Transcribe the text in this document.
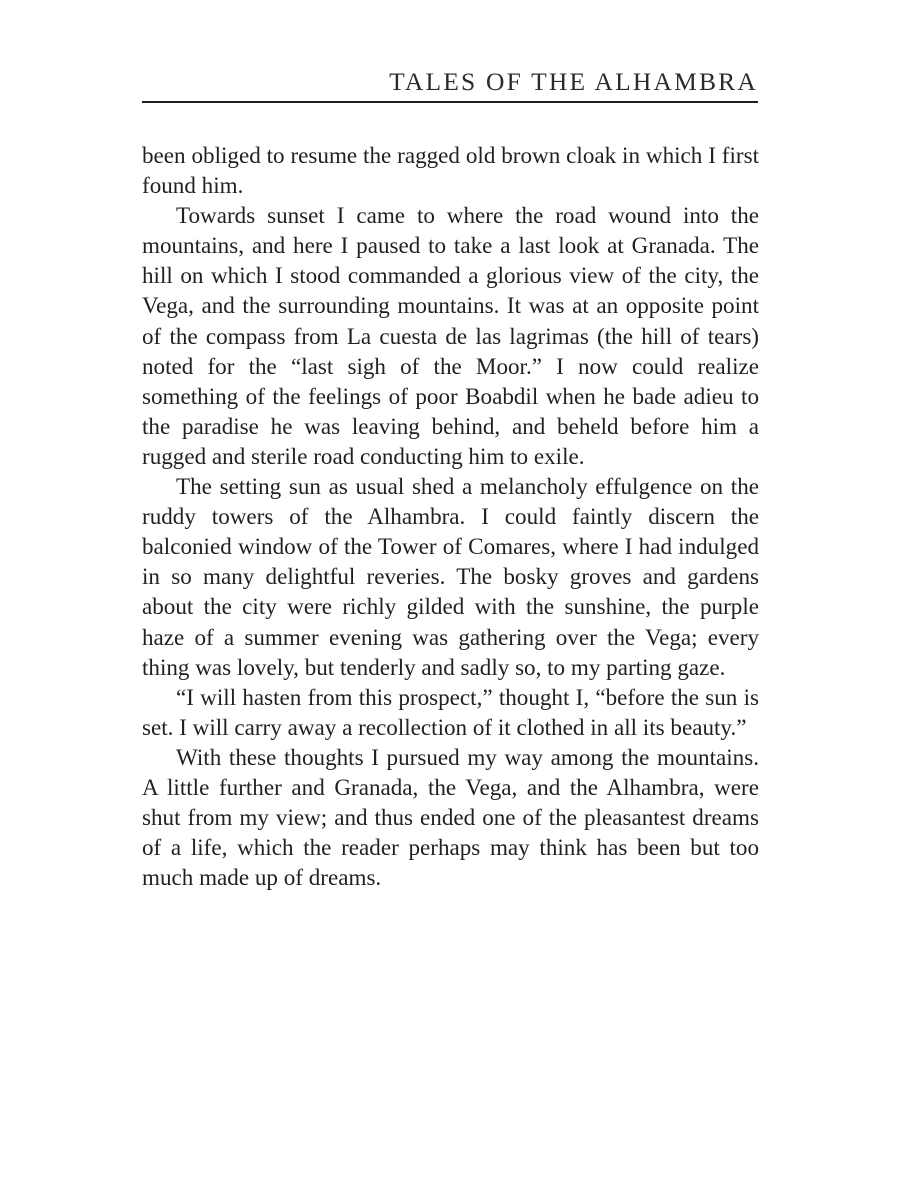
TALES OF THE ALHAMBRA

been obliged to resume the ragged old brown cloak in which I first found him.

Towards sunset I came to where the road wound into the mountains, and here I paused to take a last look at Granada. The hill on which I stood commanded a glorious view of the city, the Vega, and the surrounding mountains. It was at an opposite point of the compass from La cuesta de las lagrimas (the hill of tears) noted for the “last sigh of the Moor.” I now could realize something of the feelings of poor Boabdil when he bade adieu to the paradise he was leaving behind, and beheld before him a rugged and sterile road conducting him to exile.

The setting sun as usual shed a melancholy effulgence on the ruddy towers of the Alhambra. I could faintly discern the balconied window of the Tower of Comares, where I had indulged in so many delightful reveries. The bosky groves and gardens about the city were richly gilded with the sunshine, the purple haze of a summer evening was gathering over the Vega; every thing was lovely, but tenderly and sadly so, to my parting gaze.

“I will hasten from this prospect,” thought I, “before the sun is set. I will carry away a recollection of it clothed in all its beauty.”

With these thoughts I pursued my way among the mountains. A little further and Granada, the Vega, and the Alhambra, were shut from my view; and thus ended one of the pleasantest dreams of a life, which the reader perhaps may think has been but too much made up of dreams.
